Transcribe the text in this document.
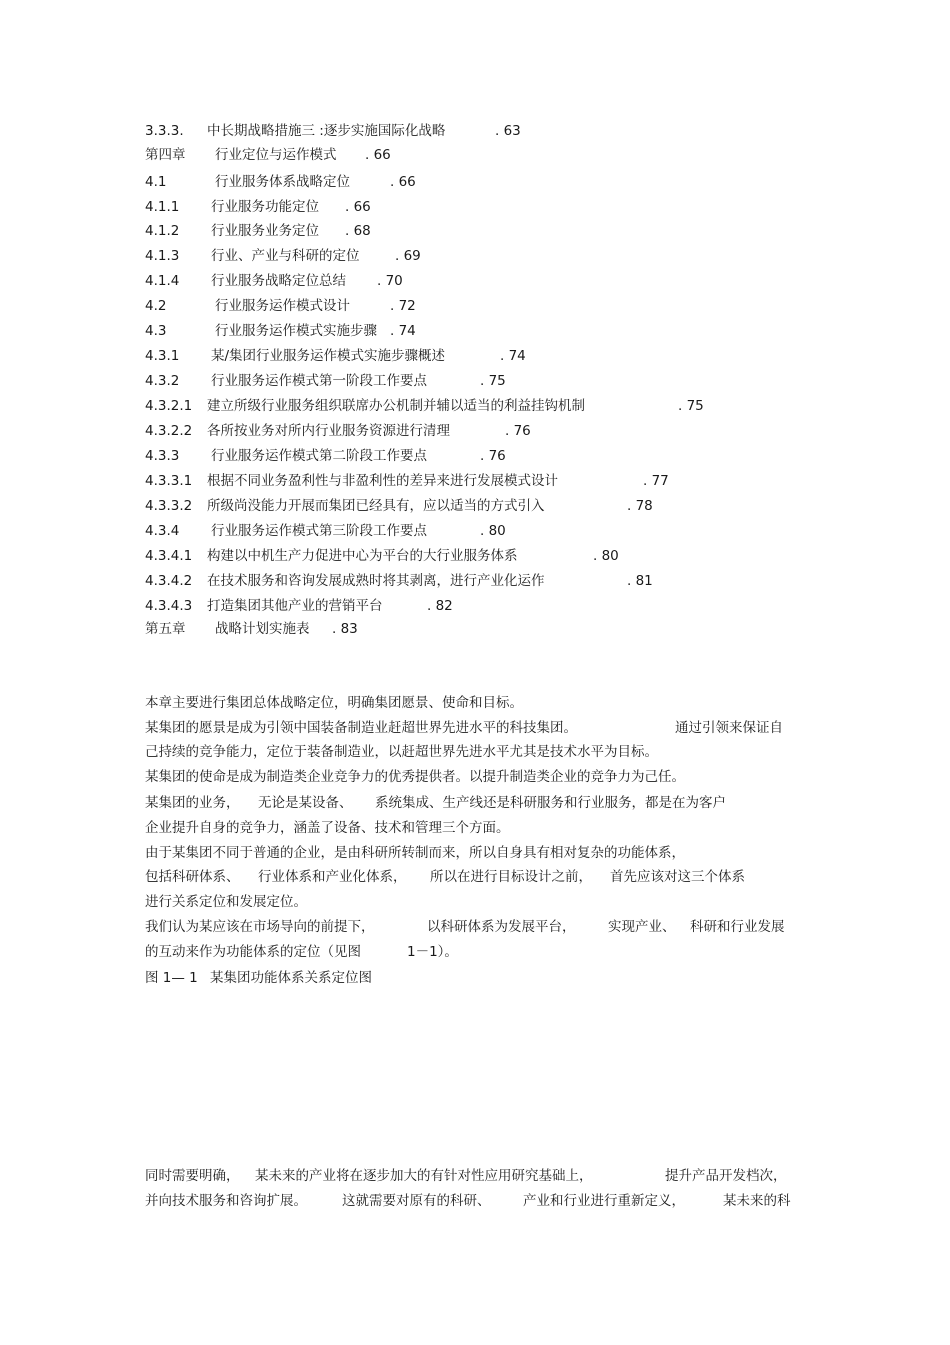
3.3.3. 中长期战略措施三 :逐步实施国际化战略	. 63
第四章 行业定位与运作模式 . 66
4.1	行业服务体系战略定位	. 66
4.1.1 行业服务功能定位 . 66
4.1.2 行业服务业务定位 . 68
4.1.3 行业、产业与科研的定位	. 69
4.1.4 行业服务战略定位总结 . 70
4.2	行业服务运作模式设计	. 72
4.3	行业服务运作模式实施步骤 . 74
4.3.1 某/集团行业服务运作模式实施步骤概述	. 74
4.3.2 行业服务运作模式第一阶段工作要点	. 75
4.3.2.1 建立所级行业服务组织联席办公机制并辅以适当的利益挂钩机制	. 75
4.3.2.2 各所按业务对所内行业服务资源进行清理	. 76
4.3.3 行业服务运作模式第二阶段工作要点	. 76
4.3.3.1 根据不同业务盈利性与非盈利性的差异来进行发展模式设计	. 77
4.3.3.2 所级尚没能力开展而集团已经具有，应以适当的方式引入	. 78
4.3.4 行业服务运作模式第三阶段工作要点	. 80
4.3.4.1 构建以中机生产力促进中心为平台的大行业服务体系	. 80
4.3.4.2 在技术服务和咨询发展成熟时将其剥离，进行产业化运作	. 81
4.3.4.3 打造集团其他产业的营销平台	. 82
第五章 战略计划实施表 . 83
本章主要进行集团总体战略定位，明确集团愿景、使命和目标。
某集团的愿景是成为引领中国装备制造业赶超世界先进水平的科技集团。	通过引领来保证自
己持续的竞争能力，定位于装备制造业，以赶超世界先进水平尤其是技术水平为目标。
某集团的使命是成为制造类企业竞争力的优秀提供者。以提升制造类企业的竞争力为己任。
某集团的业务， 无论是某设备、 系统集成、生产线还是科研服务和行业服务，都是在为客户
企业提升自身的竞争力，涵盖了设备、技术和管理三个方面。
由于某集团不同于普通的企业，是由科研所转制而来，所以自身具有相对复杂的功能体系，
包括科研体系、 行业体系和产业化体系， 所以在进行目标设计之前， 首先应该对这三个体系
进行关系定位和发展定位。
我们认为某应该在市场导向的前提下，	以科研体系为发展平台， 实现产业、 科研和行业发展
的互动来作为功能体系的定位（见图	1－1）。
图 1— 1 某集团功能体系关系定位图
同时需要明确， 某未来的产业将在逐步加大的有针对性应用研究基础上，	提升产品开发档次，
并向技术服务和咨询扩展。	这就需要对原有的科研、 产业和行业进行重新定义，	某未来的科
